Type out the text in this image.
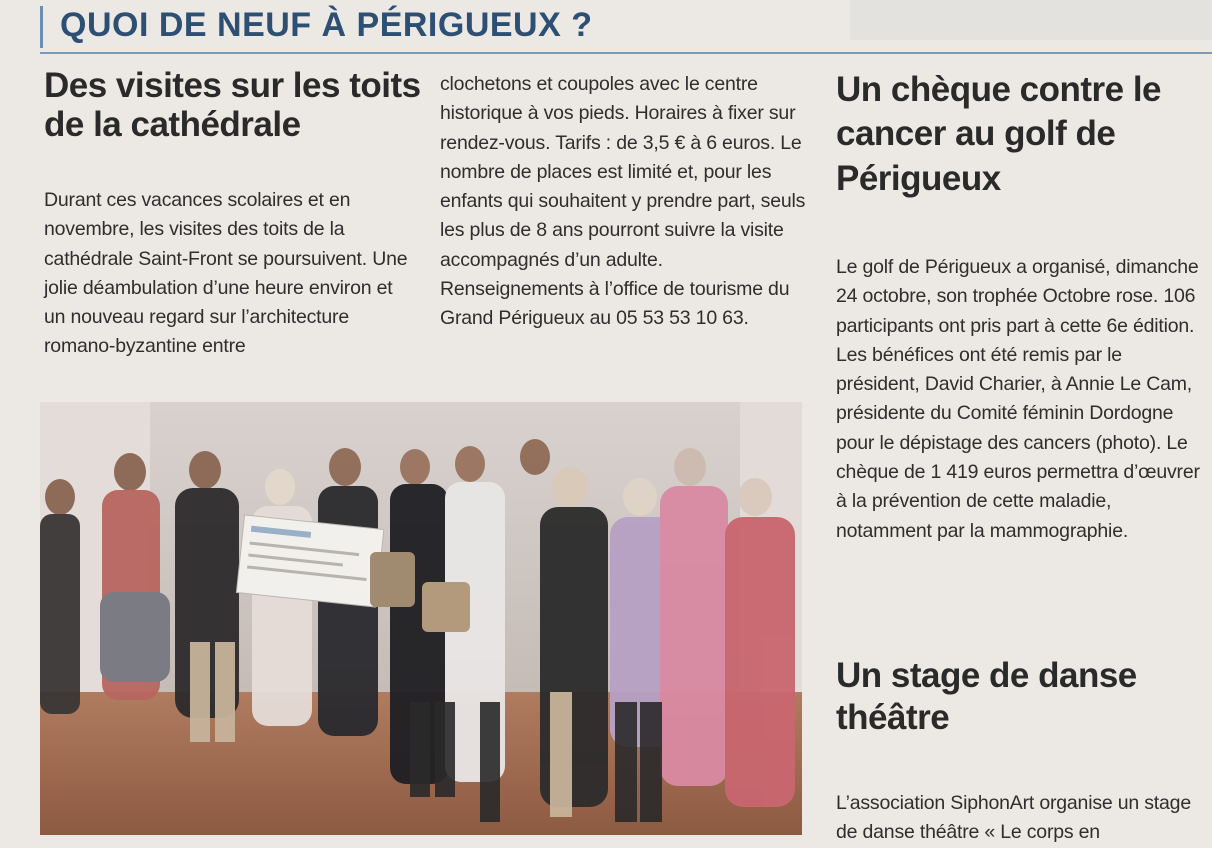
QUOI DE NEUF À PÉRIGUEUX ?
Des visites sur les toits de la cathédrale

Durant ces vacances scolaires et en novembre, les visites des toits de la cathédrale Saint-Front se poursuivent. Une jolie déambulation d’une heure environ et un nouveau regard sur l’architecture romano-byzantine entre

clochetons et coupoles avec le centre historique à vos pieds. Horaires à fixer sur rendez-vous. Tarifs : de 3,5 € à 6 euros. Le nombre de places est limité et, pour les enfants qui souhaitent y prendre part, seuls les plus de 8 ans pourront suivre la visite accompagnés d’un adulte. Renseignements à l’office de tourisme du Grand Périgueux au 05 53 53 10 63.

Un chèque contre le cancer au golf de Périgueux

Le golf de Périgueux a organisé, dimanche 24 octobre, son trophée Octobre rose. 106 participants ont pris part à cette 6e édition. Les bénéfices ont été remis par le président, David Charier, à Annie Le Cam, présidente du Comité féminin Dordogne pour le dépistage des cancers (photo). Le chèque de 1 419 euros permettra d’œuvrer à la prévention de cette maladie, notamment par la mammographie.

Un stage de danse théâtre

L’association SiphonArt organise un stage de danse théâtre « Le corps en
